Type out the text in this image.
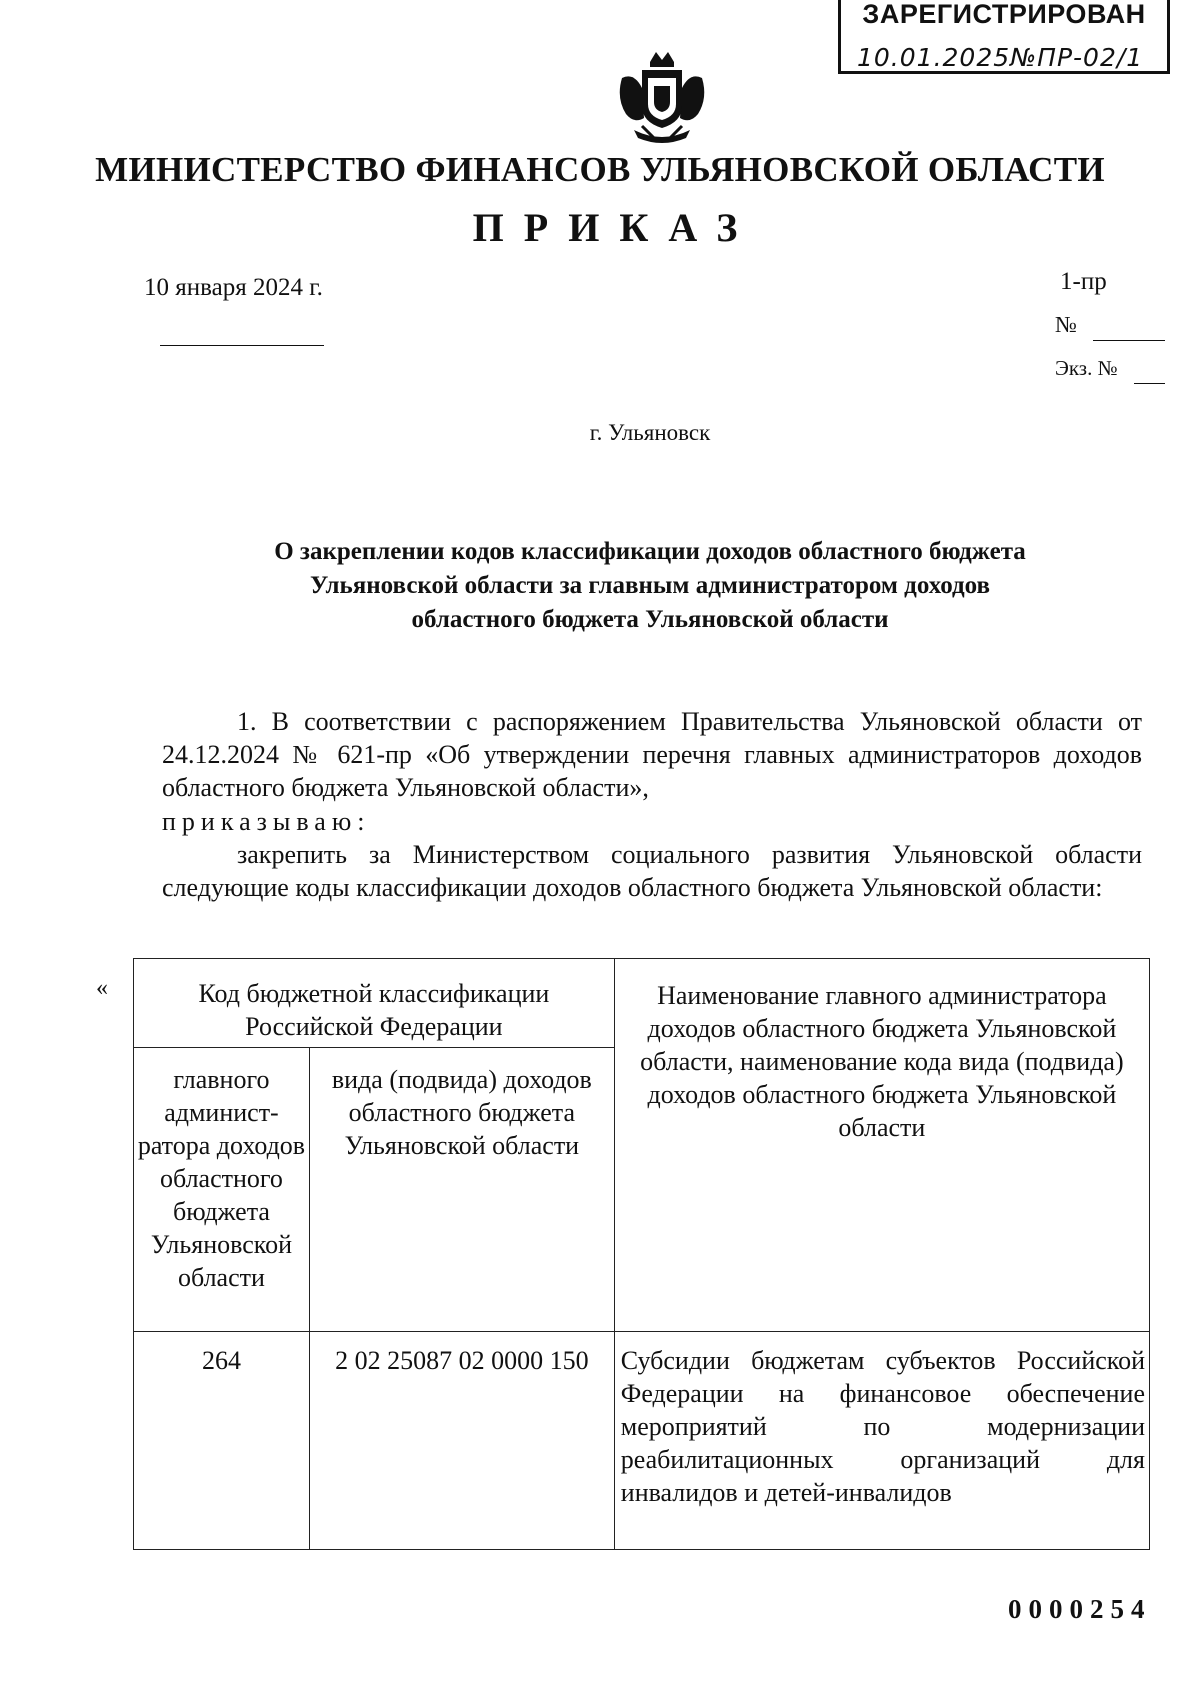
ЗАРЕГИСТРИРОВАН
10.01.2025№ПР-02/1
МИНИСТЕРСТВО ФИНАНСОВ УЛЬЯНОВСКОЙ ОБЛАСТИ
ПРИКАЗ
10 января 2024 г.	1-пр
№
Экз. №
г. Ульяновск
О закреплении кодов классификации доходов областного бюджета
Ульяновской области за главным администратором доходов
областного бюджета Ульяновской области

1. В соответствии с распоряжением Правительства Ульяновской области от 24.12.2024 № 621-пр «Об утверждении перечня главных администраторов доходов областного бюджета Ульяновской области»,

приказываю:

закрепить за Министерством социального развития Ульяновской области следующие коды классификации доходов областного бюджета Ульяновской области:

«	Код бюджетной классификации Российской Федерации		Наименование главного администратора доходов областного бюджета Ульяновской области, наименование кода вида (подвида) доходов областного бюджета Ульяновской области
главного админист-ратора доходов областного бюджета Ульяновской области	вида (подвида) доходов областного бюджета Ульяновской области	
264	2 02 25087 02 0000 150	Субсидии бюджетам субъектов Российской Федерации на финансовое обеспечение мероприятий по модернизации реабилитационных организаций для инвалидов и детей-инвалидов
0000254
